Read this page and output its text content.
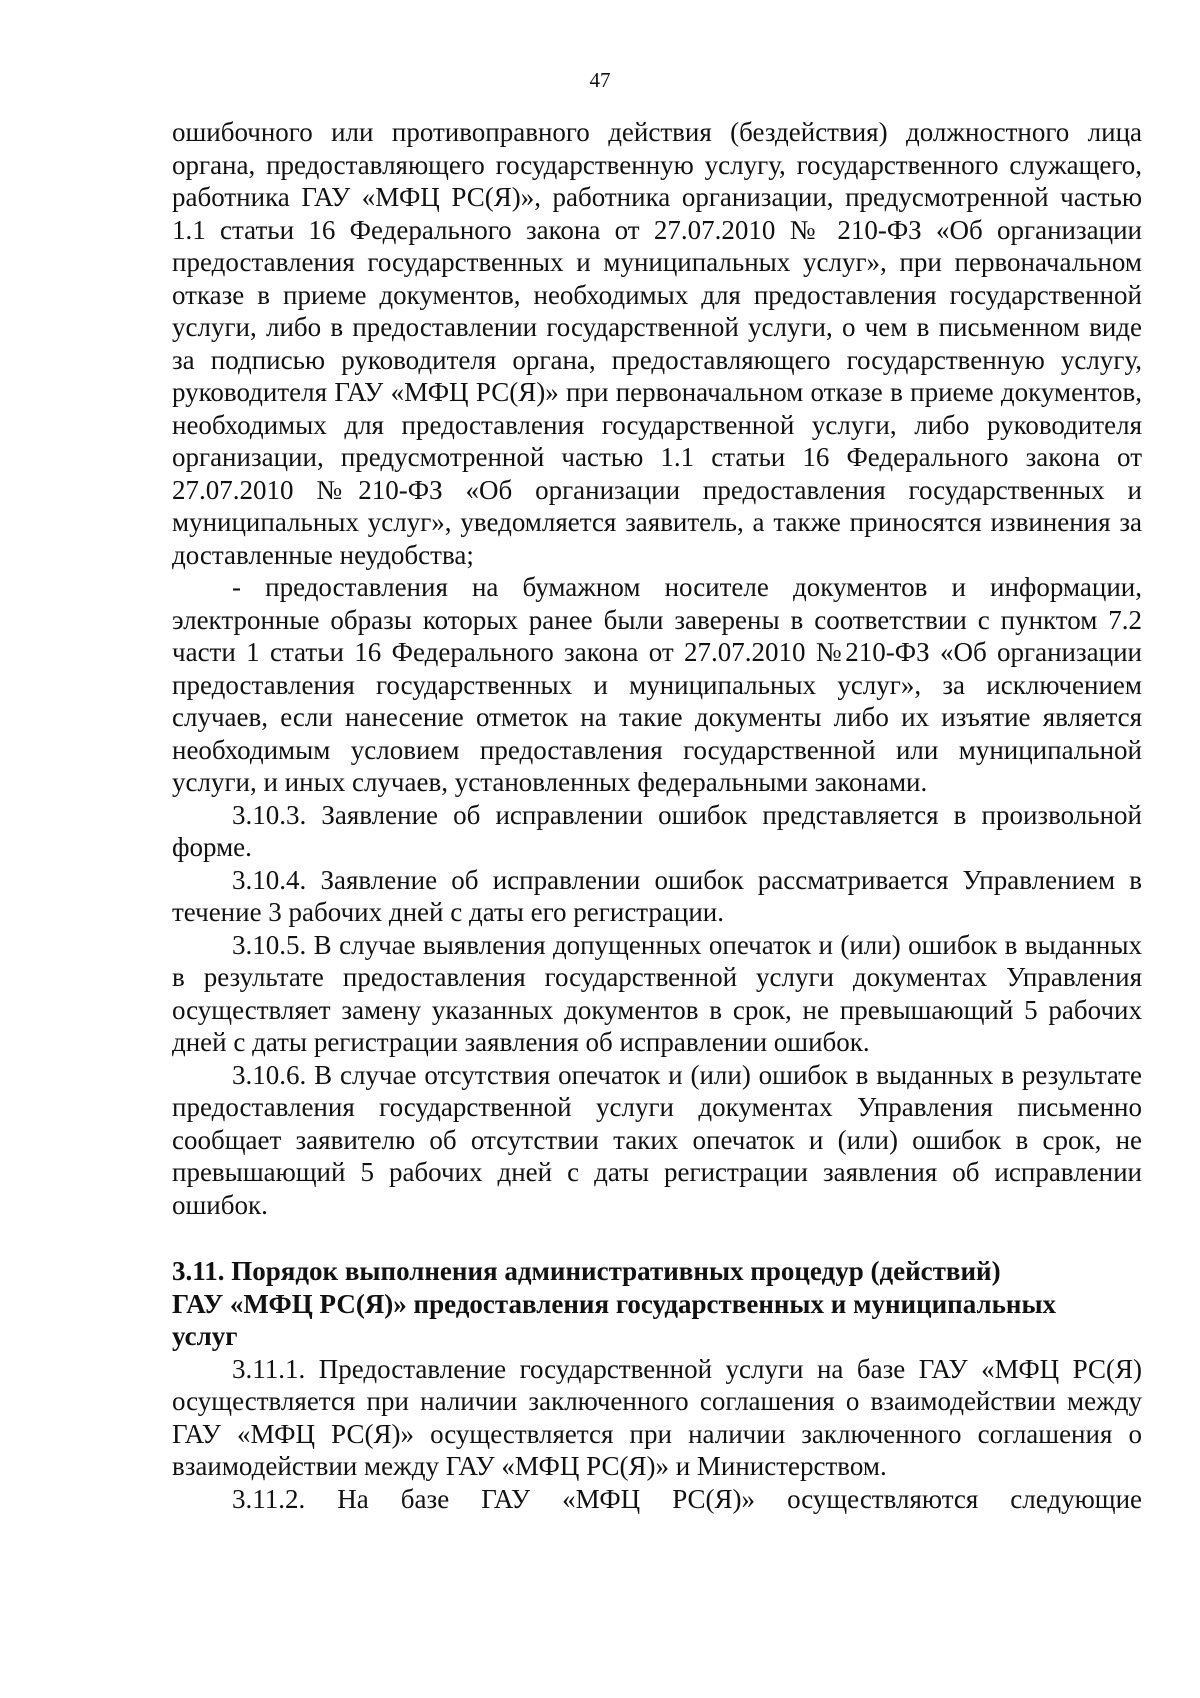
47

ошибочного или противоправного действия (бездействия) должностного лица органа, предоставляющего государственную услугу, государственного служащего, работника ГАУ «МФЦ РС(Я)», работника организации, предусмотренной частью 1.1 статьи 16 Федерального закона от 27.07.2010 № 210-ФЗ «Об организации предоставления государственных и муниципальных услуг», при первоначальном отказе в приеме документов, необходимых для предоставления государственной услуги, либо в предоставлении государственной услуги, о чем в письменном виде за подписью руководителя органа, предоставляющего государственную услугу, руководителя ГАУ «МФЦ РС(Я)» при первоначальном отказе в приеме документов, необходимых для предоставления государственной услуги, либо руководителя организации, предусмотренной частью 1.1 статьи 16 Федерального закона от 27.07.2010 №210-ФЗ «Об организации предоставления государственных и муниципальных услуг», уведомляется заявитель, а также приносятся извинения за доставленные неудобства;

- предоставления на бумажном носителе документов и информации, электронные образы которых ранее были заверены в соответствии с пунктом 7.2 части 1 статьи 16 Федерального закона от 27.07.2010 №210-ФЗ «Об организации предоставления государственных и муниципальных услуг», за исключением случаев, если нанесение отметок на такие документы либо их изъятие является необходимым условием предоставления государственной или муниципальной услуги, и иных случаев, установленных федеральными законами.

3.10.3. Заявление об исправлении ошибок представляется в произвольной форме.

3.10.4. Заявление об исправлении ошибок рассматривается Управлением в течение 3 рабочих дней с даты его регистрации.

3.10.5. В случае выявления допущенных опечаток и (или) ошибок в выданных в результате предоставления государственной услуги документах Управления осуществляет замену указанных документов в срок, не превышающий 5 рабочих дней с даты регистрации заявления об исправлении ошибок.

3.10.6. В случае отсутствия опечаток и (или) ошибок в выданных в результате предоставления государственной услуги документах Управления письменно сообщает заявителю об отсутствии таких опечаток и (или) ошибок в срок, не превышающий 5 рабочих дней с даты регистрации заявления об исправлении ошибок.

3.11. Порядок выполнения административных процедур (действий)

ГАУ «МФЦ РС(Я)» предоставления государственных и муниципальных

услуг

3.11.1. Предоставление государственной услуги на базе ГАУ «МФЦ РС(Я) осуществляется при наличии заключенного соглашения о взаимодействии между ГАУ «МФЦ РС(Я)» осуществляется при наличии заключенного соглашения о взаимодействии между ГАУ «МФЦ РС(Я)» и Министерством.

3.11.2. На базе ГАУ «МФЦ РС(Я)» осуществляются следующие
